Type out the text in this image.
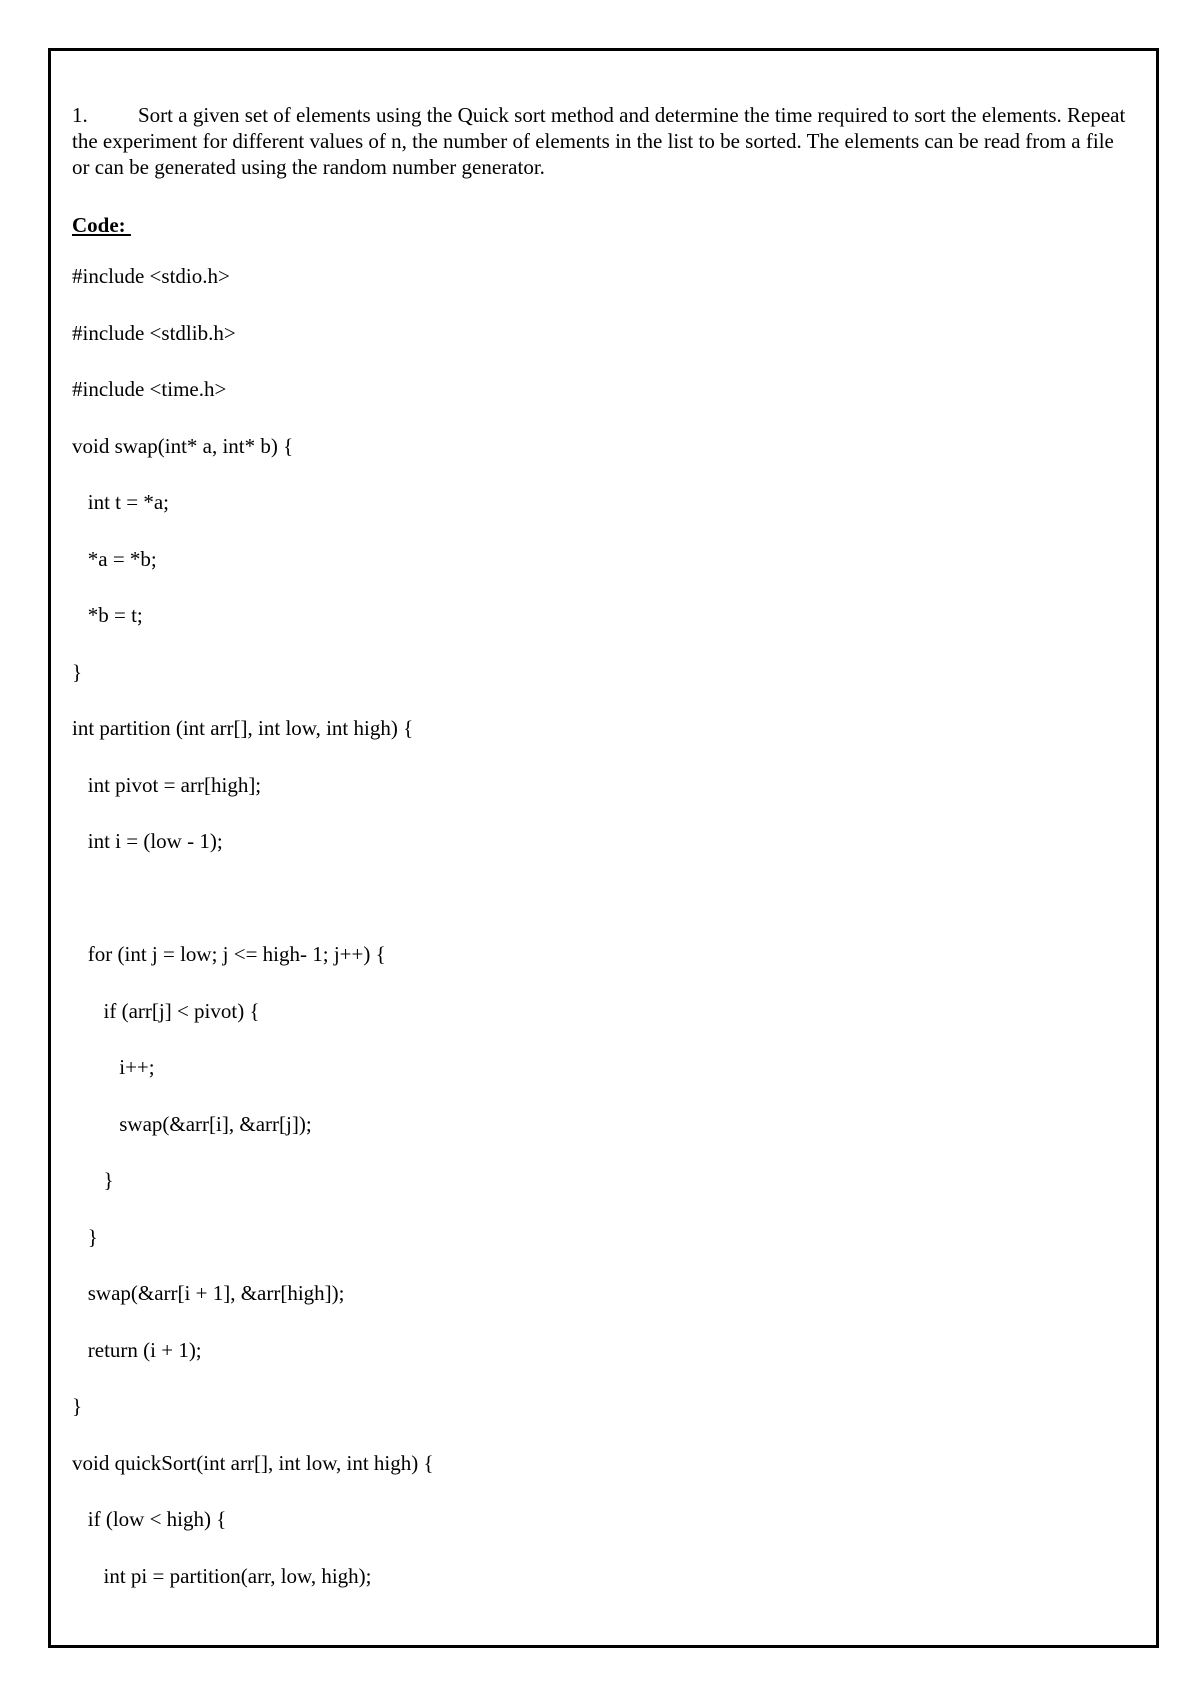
1. Sort a given set of elements using the Quick sort method and determine the time required to sort the elements. Repeat the experiment for different values of n, the number of elements in the list to be sorted. The elements can be read from a file or can be generated using the random number generator.

Code:

#include <stdio.h>
#include <stdlib.h>
#include <time.h>
void swap(int* a, int* b) {
int t = *a;
*a = *b;
*b = t;
}
int partition (int arr[], int low, int high) {
int pivot = arr[high];
int i = (low - 1);
for (int j = low; j <= high- 1; j++) {
if (arr[j] < pivot) {
i++;
swap(&arr[i], &arr[j]);
}
}
swap(&arr[i + 1], &arr[high]);
return (i + 1);
}
void quickSort(int arr[], int low, int high) {
if (low < high) {
int pi = partition(arr, low, high);
